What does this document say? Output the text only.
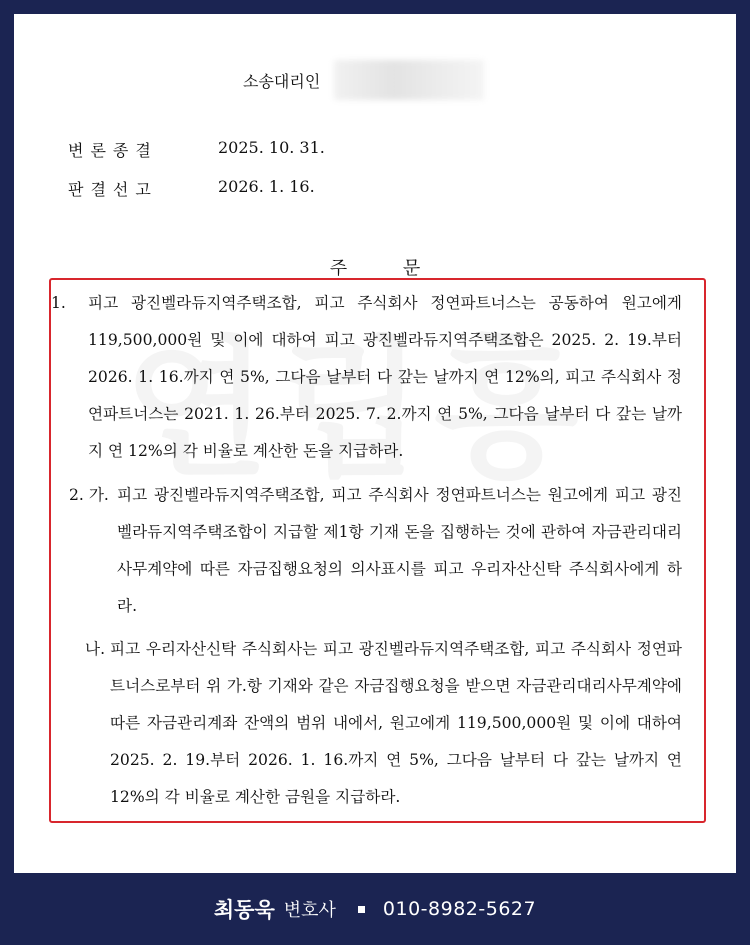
소송대리인
변론종결	2025. 10. 31.
판결선고	2026. 1. 16.
주 문
1. 피고 광진벨라듀지역주택조합, 피고 주식회사 정연파트너스는 공동하여 원고에게 119,500,000원 및 이에 대하여 피고 광진벨라듀지역주택조합은 2025. 2. 19.부터 2026. 1. 16.까지 연 5%, 그다음 날부터 다 갚는 날까지 연 12%의, 피고 주식회사 정연파트너스는 2021. 1. 26.부터 2025. 7. 2.까지 연 5%, 그다음 날부터 다 갚는 날까지 연 12%의 각 비율로 계산한 돈을 지급하라.
2. 가. 피고 광진벨라듀지역주택조합, 피고 주식회사 정연파트너스는 원고에게 피고 광진벨라듀지역주택조합이 지급할 제1항 기재 돈을 집행하는 것에 관하여 자금관리대리사무계약에 따른 자금집행요청의 의사표시를 피고 우리자산신탁 주식회사에게 하라.
나. 피고 우리자산신탁 주식회사는 피고 광진벨라듀지역주택조합, 피고 주식회사 정연파트너스로부터 위 가.항 기재와 같은 자금집행요청을 받으면 자금관리대리사무계약에 따른 자금관리계좌 잔액의 범위 내에서, 원고에게 119,500,000원 및 이에 대하여 2025. 2. 19.부터 2026. 1. 16.까지 연 5%, 그다음 날부터 다 갚는 날까지 연 12%의 각 비율로 계산한 금원을 지급하라.
최동욱 변호사 010-8982-5627
